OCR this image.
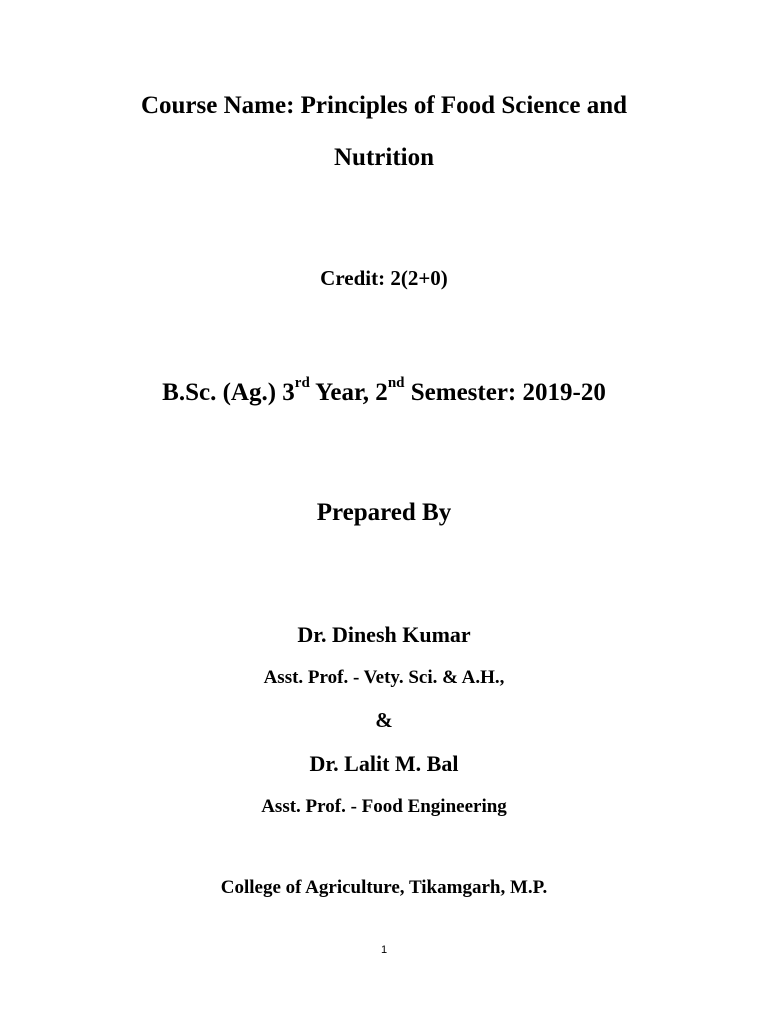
Course Name: Principles of Food Science and
Nutrition
Credit: 2(2+0)
B.Sc. (Ag.) 3rd Year, 2nd Semester: 2019-20
Prepared By
Dr. Dinesh Kumar
Asst. Prof. - Vety. Sci. & A.H.,
&
Dr. Lalit M. Bal
Asst. Prof. - Food Engineering
College of Agriculture, Tikamgarh, M.P.
1
